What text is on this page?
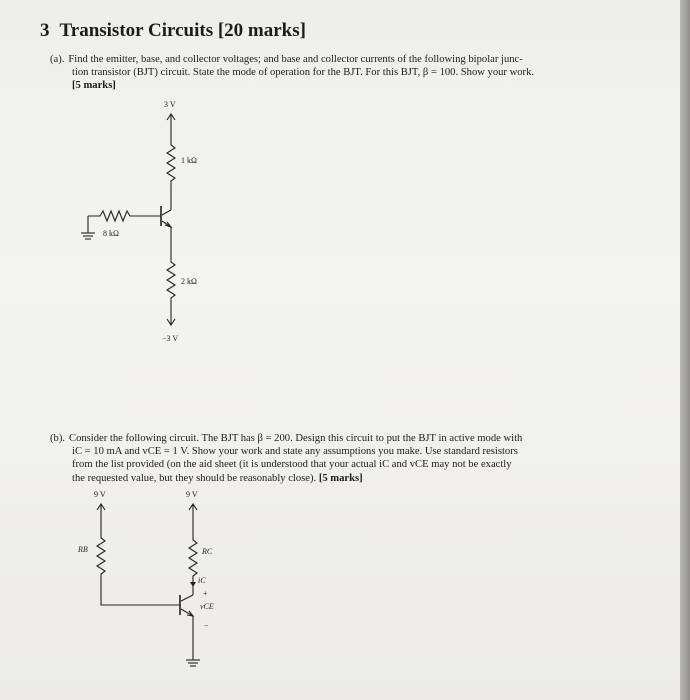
3 Transistor Circuits [20 marks]
(a). Find the emitter, base, and collector voltages; and base and collector currents of the following bipolar junc-
tion transistor (BJT) circuit. State the mode of operation for the BJT. For this BJT, β = 100. Show your work.
[5 marks]
3 V
1 kΩ
8 kΩ
2 kΩ
−3 V
(b). Consider the following circuit. The BJT has β = 200. Design this circuit to put the BJT in active mode with
iC = 10 mA and vCE = 1 V. Show your work and state any assumptions you make. Use standard resistors
from the list provided (on the aid sheet (it is understood that your actual iC and vCE may not be exactly
the requested value, but they should be reasonably close). [5 marks]
9 V	9 V
RB	RC
iC
+
vCE
−
